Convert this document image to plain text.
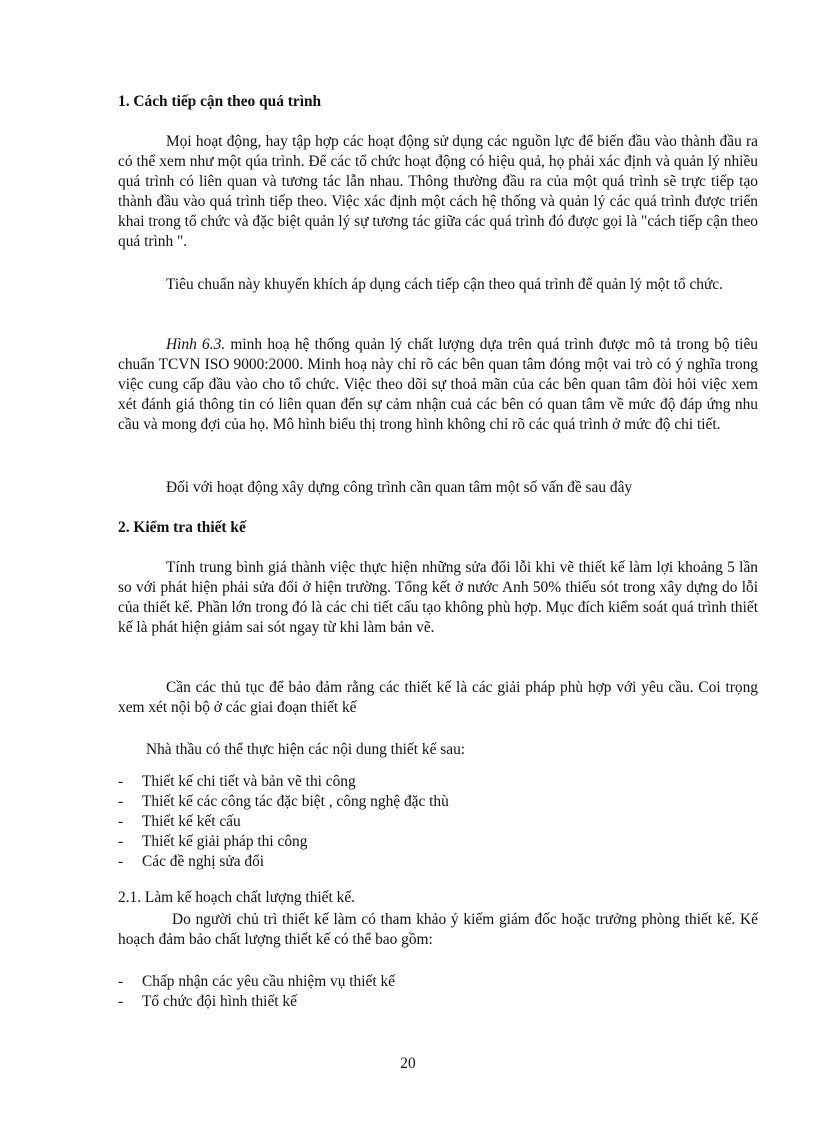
1. Cách tiếp cận theo quá trình

Mọi hoạt động, hay tập hợp các hoạt động sử dụng các nguồn lực để biến đầu vào thành đầu ra có thể xem như một qúa trình. Để các tổ chức hoạt động có hiệu quả, họ phải xác định và quản lý nhiều quá trình có liên quan và tương tác lẫn nhau. Thông thường đầu ra của một quá trình sẽ trực tiếp tạo thành đầu vào quá trình tiếp theo. Việc xác định một cách hệ thống và quản lý các quá trình được triển khai trong tổ chức và đặc biệt quản lý sự tương tác giữa các quá trình đó được gọi là "cách tiếp cận theo quá trình ".

Tiêu chuẩn này khuyến khích áp dụng cách tiếp cận theo quá trình để quản lý một tổ chức.

Hình 6.3. minh hoạ hệ thống quản lý chất lượng dựa trên quá trình được mô tả trong bộ tiêu chuẩn TCVN ISO 9000:2000. Minh hoạ này chỉ rõ các bên quan tâm đóng một vai trò có ý nghĩa trong việc cung cấp đầu vào cho tổ chức. Việc theo dõi sự thoả mãn của các bên quan tâm đòi hỏi việc xem xét đánh giá thông tin có liên quan đến sự cảm nhận cuả các bên có quan tâm về mức độ đáp ứng nhu cầu và mong đợi của họ. Mô hình biểu thị trong hình không chỉ rõ các quá trình ở mức độ chi tiết.

Đối với hoạt động xây dựng công trình cần quan tâm một số vấn đề sau đây

2. Kiểm tra thiết kế

Tính trung bình giá thành việc thực hiện những sửa đổi lỗi khi vẽ thiết kế làm lợi khoảng 5 lần so với phát hiện phải sửa đổi ở hiện trường. Tổng kết ở nước Anh 50% thiếu sót trong xây dựng do lỗi của thiết kế. Phần lớn trong đó là các chi tiết cấu tạo không phù hợp. Mục đích kiểm soát quá trình thiết kế là phát hiện giảm sai sót ngay từ khi làm bản vẽ.

Cần các thủ tục để bảo đảm rằng các thiết kế là các giải pháp phù hợp với yêu cầu. Coi trọng xem xét nội bộ ở các giai đoạn thiết kế

Nhà thầu có thể thực hiện các nội dung thiết kế sau:

- Thiết kế chi tiết và bản vẽ thi công
- Thiết kế các công tác đặc biệt , công nghệ đặc thù
- Thiết kế kết cấu
- Thiết kế giải pháp thi công
- Các đề nghị sửa đổi

2.1. Làm kế hoạch chất lượng thiết kế.

Do người chủ trì thiết kế làm có tham khảo ý kiếm giám đốc hoặc trưởng phòng thiết kế. Kế hoạch đảm bảo chất lượng thiết kế có thể bao gồm:

- Chấp nhận các yêu cầu nhiệm vụ thiết kế
- Tổ chức đội hình thiết kế
20
